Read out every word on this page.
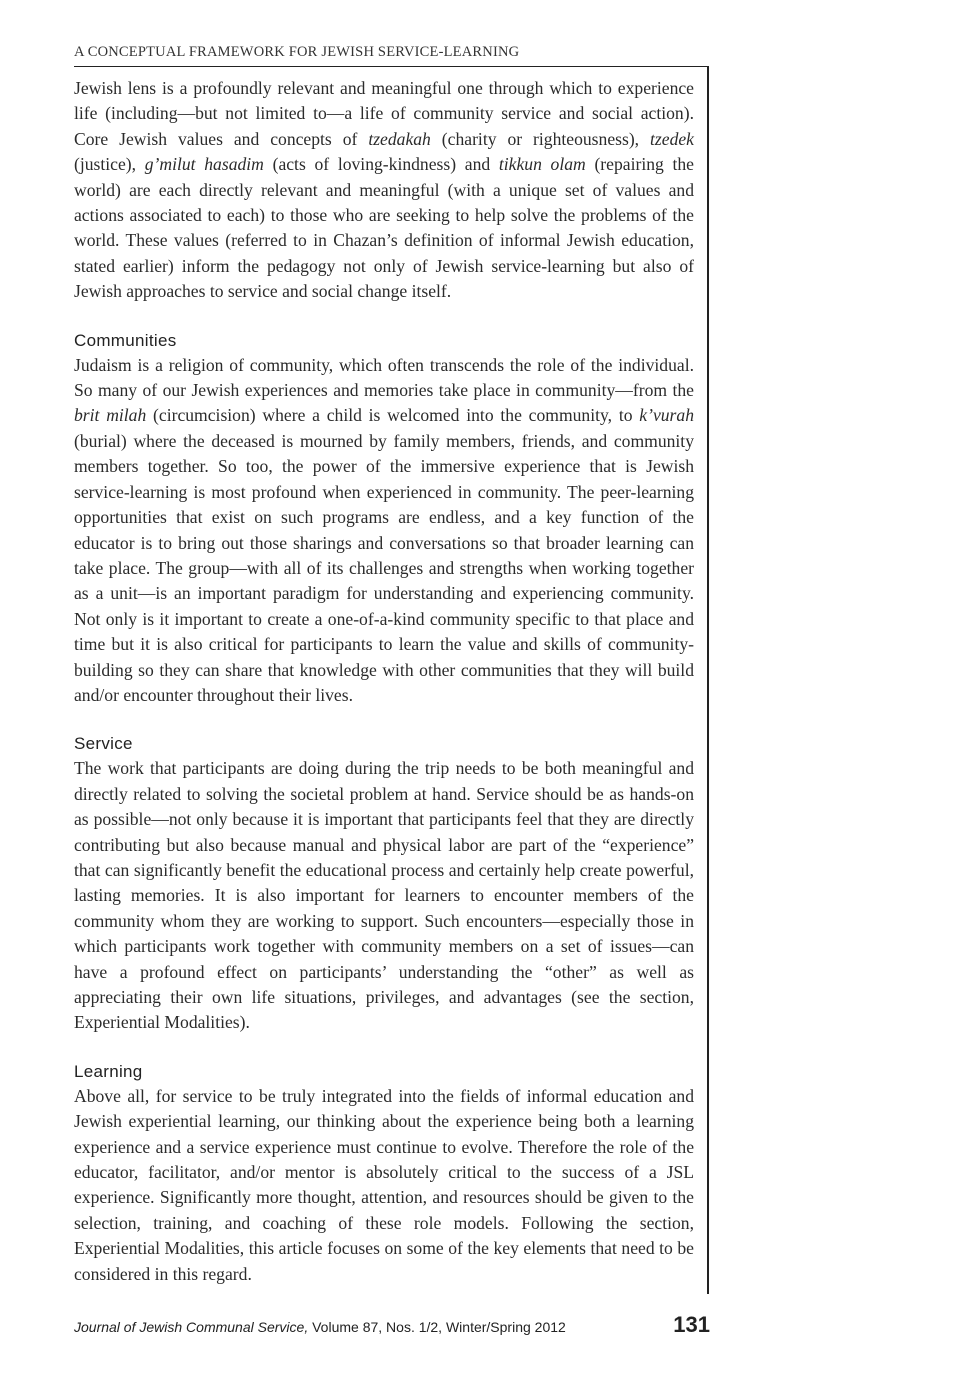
A CONCEPTUAL FRAMEWORK FOR JEWISH SERVICE-LEARNING

Jewish lens is a profoundly relevant and meaningful one through which to experience life (including—but not limited to—a life of community service and social action). Core Jewish values and concepts of tzedakah (charity or righteousness), tzedek (justice), g’milut hasadim (acts of loving-kindness) and tikkun olam (repairing the world) are each directly relevant and meaningful (with a unique set of values and actions associated to each) to those who are seeking to help solve the problems of the world. These values (referred to in Chazan’s definition of informal Jewish education, stated earlier) inform the pedagogy not only of Jewish service-learning but also of Jewish approaches to service and social change itself.

Communities

Judaism is a religion of community, which often transcends the role of the individual. So many of our Jewish experiences and memories take place in community—from the brit milah (circumcision) where a child is welcomed into the community, to k’vurah (burial) where the deceased is mourned by family members, friends, and community members together. So too, the power of the immersive experience that is Jewish service-learning is most profound when experienced in community. The peer-learning opportunities that exist on such programs are endless, and a key function of the educator is to bring out those sharings and conversations so that broader learning can take place. The group—with all of its challenges and strengths when working together as a unit—is an important paradigm for understanding and experiencing community. Not only is it important to create a one-of-a-kind community specific to that place and time but it is also critical for participants to learn the value and skills of community-building so they can share that knowledge with other communities that they will build and/or encounter throughout their lives.

Service

The work that participants are doing during the trip needs to be both meaningful and directly related to solving the societal problem at hand. Service should be as hands-on as possible—not only because it is important that participants feel that they are directly contributing but also because manual and physical labor are part of the “experience” that can significantly benefit the educational process and certainly help create powerful, lasting memories. It is also important for learners to encounter members of the community whom they are working to support. Such encounters—especially those in which participants work together with community members on a set of issues—can have a profound effect on participants’ understanding the “other” as well as appreciating their own life situations, privileges, and advantages (see the section, Experiential Modalities).

Learning

Above all, for service to be truly integrated into the fields of informal education and Jewish experiential learning, our thinking about the experience being both a learning experience and a service experience must continue to evolve. Therefore the role of the educator, facilitator, and/or mentor is absolutely critical to the success of a JSL experience. Significantly more thought, attention, and resources should be given to the selection, training, and coaching of these role models. Following the section, Experiential Modalities, this article focuses on some of the key elements that need to be considered in this regard.

Journal of Jewish Communal Service, Volume 87, Nos. 1/2, Winter/Spring 2012	131
